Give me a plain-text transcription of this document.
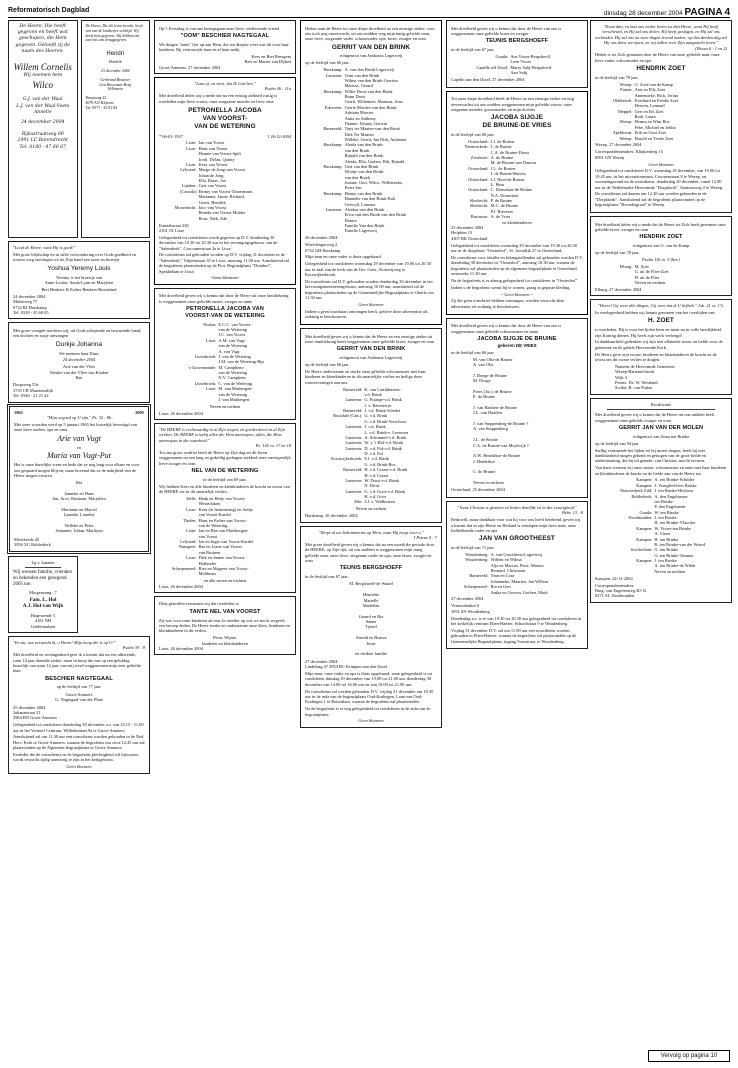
Reformatorisch Dagblad	dinsdag 28 december 2004 PAGINA 4
De Heere, Die heeft gegeven en heeft wat geschapen, die Hem gegeven. Geloofd zij de naam des Heeren.
Willem Cornelis
Wij noemen hem
Wilco
G.J. van der Waal
L.J. van der Waal-Voets
Annelie
24 december 2004
Rijksstraatweg 60
2991 LC Barendrecht
Tel. 0180 - 47 60 67
De Heere, Die dit leven bracht, heeft ons van de kindertjes verblijd. Wij heeft hem gegeven, Wij hebben om aan ons ons teruggegeven.
Hendri
Hendrik
23 december 2004
Gerbrand Brouwer
Gea Bouwman-Berg
Willemein
Dorpsweg 22
4079 AN Klijssen
Tel. 0577 - 43 01 84
"Looft de Heere, want Hij is goed!"
Met grote blijdschap en in stille verwondering over Gods goedheid en trouwe zorg ontvingen we uit Zijn hand een zoon en broertje
Yoshua Yeremy Louis
Yeremy is het broertje van
Anne-Louise, Sarah-Lynn en Marylene
Bert Beukers & Esther Beukers-Bosendaal
24 december 2004
Molenweg 77
6732 RJ Harskamp
Tel. 0318 - 45 60 05
Met grote vreugde mochten wij, uit Gods schepende en bewarende hand, een dochter en zusje ontvangen
Durkje Johanna
We noemen haar Dina.
24 december 2004
Arie van der Vlies
Nienke van der Vlies-van Keulen
Bas
Dorpsweg 55a
3735 CB Maartensdijk
Tel. 0346 - 21 21 42
1965	2005
"Mijn oog zal op U zijn." Ps. 32 : 8b
Met onze woorden werd op 5 januari 1965 het huwelijk bevestigd van onze lieve ouders, opa en oma
Arie van Vugt
en
Maria van Vugt-Put
Het is onze hartelijke wens en bede dat ze nog lang voor elkaar en voor ons gespaard mogen blijven, maar bovenal dat ze de nabijheid van de Heere mogen ervaren.
Ria

Janneke en Hans
Jan, Arco, Bastiaan, Marjolein

Marianne en Marcel
Laander, Lauréna

Nelleke en Peter
Annamie, Julian, Marilynn
Moerkeeds 45
3956 XC Bolderkerk
I.p.v. kaarten
Wij wensen familie, vrienden en bekenden een gezegend 2005 toe.
Morgenzang : 7
Fam. L. Hol
A.J. Hol-van Wijk
Hogewende 3
4181 NH
Geldermalsen
"En nu, wat verwacht ik, o Heere! Mijn hoop die is op U!"
Psalm 39 : 8
Met droefheid en verslagenheid geef ik u kennis dat na een afkerende, ruim 14 jaar durende ziekte, maar in hoop die een op een gelukkig huwelijk van ruim 14 jaar, van mij werd weggenomen mijn zeer geliefde man
BESCHIER NAGTEGAAL
op de leeftijd van 77 jaar.
Groot-Ammers
G. Nagtegaal-van der Plaat
25 december 2004
Julianastraat 31
2964 BN Groot-Ammers
Gelegenheid tot condoleren donderdag 30 december a.s. van 10.15 - 11.00 uur in het Vermeil Centrum, Wilhelminaei 8a te Groot-Ammers.
Aansluitend zal om 11.30 uur een rouwdienst worden gehouden in de Ned. Herv. Kerk te Groot-Ammers, waarna de begrafenis om circa 12.45 uur zal plaatsvinden op de Algemene begraafplaats te Groot-Ammers.
Eenieder die de rouwdienst en de begrafenis plechtigheid wil bijwonen, wordt verzocht tijdig aanwezig te zijn in het kerkgebouw.
Geen bloemen
Op 't Kerstdag is van ons heengegaan onze lieve, zeelievende vriend
"OOM" BESCHIER NAGTEGAAL
We dragen "tante" Ger op aan Hem, die ten diepste weet wat dit voor haar betekent. Bij vertrouwde haar en al haar naltij.
Kees en Riet Breugem
Bert en Marrie van Dijken
Groot-Ammers, 27 december 2004
"Laat af, en weet, dat Ik God ben."
Psalm 46 : 11a
Met droefheid delen wij u mede dat na een ernstig ziekbed rustig is overleden mijn lieve vrouw, onze zorgzame moeder en lieve oma
PETRONELLA JACOBA
VAN VOORST-
VAN DE WETERING
* 06-01-1937	† 26-12-2004
Lisse: Jan van Voorst
Lisse: Hans van Voorst
Hennie van Voorst-Spilt
Jordi, Dylan, Quinty
Lisse: Kees van Voorst
Lelystad: Margo de Jong-van Voorst
Johan de Jong
Ella, Klaas, Joe
Lijnden: Gert van Voorst
(Cassola) Emmy van Voorst-Tinnermans
Marianne, Janne, Richard,
Gerrit, Hendrik
Moordrecht: Jaco van Voorst
Brenda van Voorst-Mulder
Boas, Niek, Ede
Kanaalstraat 230
2161 JX Lisse
Gelegenheid tot condoleren wordt gegeven op D.V. donderdag 30 december van 19.30 tot 20.30 uur in het verenigingsgebouw van de "Salemkerk", Croccantestraat 2a te Lisse.
De rouwdienst zal gehouden worden op D.V. vrijdag 31 december in de "Salemkerk", Tulpenstraat 35 te Lisse, aanvang 11.00 uur. Aansluitend zal de begrafenis plaatsvinden op de Prot. Begraafplaats "Duinhof", Spekkelaan te Lisse.
-Geen bloemen-
Met droefheid geven wij u kennis dat door de Heere uit onze familiekring is weggenomen onze geliefde zuster, zwager en tante
PETRONELLA JACOBA VAN
VOORST-VAN DE WETERING
Tholen: E.C.C. van Voorst-
van de Wetering
J.C. van Voorst
Lisse: A.M. van Vugt-
van de Wetering
A. van Vugt
Lisserbroek: J. van de Wetering
J.M. van de Wetering-Rip
's-Gravenzande: M. Campbens-
van de Wetering
N.V. Campbens
Lisserbroek: C. van de Wetering
Lisse: M. van Masbergen-
van de Wetering
J. van Masbergen
Neven en nichten
Lisse, 26 december 2004
"De HEERE is rechtvaardig in al Zijn wegen, en goedertieren in al Zijn werken. De HEERE is nabij allen die Hem aanroepen, allen, die Hem aanroepen in der waarheid."
Ps. 145 vs. 17 en 18
Tot ons groot verdriet heeft de Heere op Zijn dag uit dit leven weggenomen na een lang en geduldig gedragen ziekbed onze onvergetelijk lieve zwager en oom
NEL VAN DE WETERING
in de leeftijd van 69 jaar.
Wij hebben Kees en alle kinderen en kleinkinderen de kracht en troost van de HEERE toe in dit smartelijk verlies.
Delft: Henk en Hetty van Voorst-
Westerlaken
Lisse: Kees (in herinnering) en Aaltje
van Voorst-Kardol
Tholen: Hans en Esther van Voorst-
van de Wetering
Lisse: Jan en Bea van Marsbergen-
van Voorst
Lelystad: Jan en Ingie van Voorst-Kardol
Nunspeet: Bas en Lonie van Voorst-
van Bruinen
Lisse: Dirk en Jannie van Voorst-
Hollander
Scherpenzeel: Ries en Magreet van Voorst-
Möhlman
en alle neven en nichten
Lisse, 26 december 2004
Diep getroffen vernamen wij dat overleden is
TANTE NEL VAN VOORST
Zij was voor onze kinderen als een 2e moeder op wie we nooit vergeefs een beroep deden. De Heere sterke en ondersteune onze Kees, kinderen en kleinkinderen in dit verlies.
Fleur, Wijnie,
kinderen en kleinkinderen
Lisse, 26 december 2004
Heden nam de Heere tot onze diepe droefheid na een ernstige ziekte, voor ons toch nog onverwacht, uit ons midden weg mijn innig geliefde man, onze lieve, zorgzame vader, schoonvader, opa, broer, zwager en oom
GERRIT VAN DEN BRINK
echtgenoot van Anthonia Lagerweij
op de leeftijd van 66 jaar.
Harskamp: A. van den Brink-Lagerweij
Lunteren: Teun van den Brink
Wilma van den Brink-Gerritse
Marissa, Gerard
Harskamp: Willie Drost-van den Brink
Bram Drost
Gerrit, Willemien, Marinus, Arno
Ederveen: Gerrie Mortier-van den Brink
Adriaan Morrier
Anita en Anthony,
Dianne, Johnny, Gerwin
Barneveld: Tony ter Maaten-van den Brink
Dirk Ter Maaten
Willeke, Gerrit, Jan Dirk, Anthonet
Harskamp: Aleida van den Brink-
van den Brink
Rijnald van den Brink
Aleida, Ella, Gerben, Rik, Rijnald
Harskamp: Gert van den Brink
Woutje van den Brink-
van den Broek
Joanne, Gert, Wilco, Willemieke,
Evert-Jan
Harskamp: Henny van den Brink
Hannelie van den Brink-Kok
Gerwyll, Laurens
Lunteren: Aleidus van den Brink
Erica van den Brink-van den Brink
Danice
Familie Van den Brink
Familie Lagerweij
26 december 2004
Wortelengerweg 2
6732 GH Harskamp
Mijn man en onze vader is thuis opgebaard.
Gelegenheid tot condoleren woensdag 29 december van 19.00 tot 20.30 uur in zaal van de kerk van de Ger. Gem., Kosterijweg te Kootwijkerbroek.
De rouwdienst zal D.V. gehouden worden donderdag 30 december in het hervormgemeenterengebouw, aanvang 10.00 uur, aansluitend zal de begrafenis plaatsvinden op de Gemeentelijke Begraafplaats te Otterlo om 11.30 uur.
Geen bloemen
Indien u geen rouwkaart ontvangen heeft, gelieve deze advertentie als zodanig te beschouwen.
Met droefheid geven wij u kennis dat de Heere na een ernstige ziekte uit onze familiekring heeft weggenomen onze geliefde broer, zwager en oom
GERRIT VAN DEN BRINK
echtgenoot van Anthonia Lagerweij
op de leeftijd van 66 jaar.
De Heere ondersteune en sterke onze geliefde schoonzuster met haar kinderen en kleinkinderen in dit smartelijke verlies en heilige deze rouwervaringen aan ons.
Barneveld: K. van Luttikhuizen-
v.d. Brink
Lunteren: G. Fraanje-v.d. Brink
J. v. Ravesteijn
Barneveld: J. v.d. Brink-Schalet
Rossdale (Can.): G. v.d. Brink
G. v.d. Brink-Verschoor
Lunteren: J. v.d. Brink
L. v.d. Brink-v. Leeuwen
Lunteren: A. Schimmel-v.d. Brink
Lunteren: W. v. 't Hol-v.d. Brink
Lunteren: D. v.d. Pol-v.d. Brink
D. v.d. Pol
Kootwijkerbroek: F.J. v.d. Brink
G. v.d. Brink-Bos
Barneveld: H. v.d. Craats-v.d. Brink
H. v.d. Craats
Lunteren: W. Drost-v.d. Brink
N. Drost
Lunteren: G. v.d. Goor-v.d. Brink
H. v.d. Goor
Ede: J.J. v. Veldhuizen
Neven en nichten
Harskamp, 26 december 2004
"Werpt al uw bekommernis op Hem, want Hij zorgt voor u."
I Petrus 5 : 7
Met grote droefheid geven wij u kennis dat na een moeilijke periode door de HEERE, op Zijn tijd, uit ons midden is weggenomen mijn innig geliefde man, onze lieve, zorgzame vader en opa, onze broer, zwager en oom
TEUNIS BERGSHOEFF
in de leeftijd van 67 jaar.
M. Bergshoeff-de Waard

Henriëtte
Martelle
Madelein

Gerard en Ria
Sanne
Tjeerd

Arnold en Bianca
Jesse

en verdere familie
27 december 2004
Lindelaag 47 2953 BC Krimpen aan den IJssel
Mijn man, onze vader en opa is thuis opgebaard, waar gelegenheid is tot condoleren dinsdag 29 december van 19.00 tot 21.00 uur, donderdag 30 december van 14.00 tot 16.00 uur en van 19.00 tot 21.00 uur.
De rouwdienst zal worden gehouden D.V. vrijdag 31 december om 10.30 uur in de aula van de begraafplaats Oud-Kralingen, Laan van Oud-Kralingen 1 te Rotterdam, waarna de begrafenis zal plaatsvinden.
Na de begrafenis is er nog gelegenheid tot condoleren in de aula van de begraafplaats.
Geen bloemen
Met droefheid geven wij u kennis dat door de Heere van ons is weggenomen onze geliefde broer en zwager
TEUNIS BERGSHOEFF
in de leeftijd van 67 jaar.
Gouda: Ans Visser-Bergshoeff
Leen Visser
Capelle a/d IJssel: Marry Salij-Bergshoeff
Aart Salij
Capelle aan den IJssel, 27 december 2004
Tot onze diepe droefheid heeft de Heere na een ernstige ziekte tot nog onverwachts uit ons midden weggenomen mijn geliefde vrouw, onze zorgzame moeder, grootmoeder en mijn dochter
JACOBA SIJGJE
DE BRUINE-DE VRIES
in de leeftijd van 66 jaar.
Oosterland: J.J. de Bruine
Nieuwerkerk: J. de Bruine
C.A. de Bruine-Doest
Zierikzee: A. de Bruine
M. de Bruine-van Duuren
Oosterland: J.L. de Bruine
J. de Bruine-Buitvis
Oosterland: J.J. Heut-de Bruine
L. Heut
Oosterland: C. Donselaar-de Bruine
N.A. Donselaar
Sliedrecht: P. de Bruine
Sliedrecht: M.C. de Bruine
P.J. Rieveras
Bruinisse: A. de Vries
en kleinkinderen
25 december 2004
Hofplein 13
4307 BK Oosterland
Gelegenheid tot condoleren woensdag 29 december van 19.30 tot 20.30 uur in de dorpshuis "Oosterhof", St. Joostdijk 27 te Oosterland.
De rouwdienst voor familie en belangstellenden zal gehouden worden D.V. donderdag 30 december in "Oosterhof", aanvang 10.30 uur, waarna de begrafenis zal plaatsvinden op de algemene begraafplaats te Oosterland, omstreeks 11.30 uur.
Na de begrafenis is er alsnog gelegenheid tot condoleren in "Oosterhof".
Indien u de begrafenis wenst bij te wonen, graag in gepaste kleding.
~ Geen bloemen ~
Zij die geen rouwbrief hebben ontvangen, worden verzocht deze advertentie als zodanig te beschouwen.
Met droefheid geven wij u kennis dat door de Heere van ons is weggenomen onze geliefde schoonzuster en tante
JACOBA SIJGJE DE BRUINE
geboren DE VRIES
in de leeftijd van 66 jaar.
M. van Olst-de Bruine
A. van Olst

J. Doege-de Bruine
M. Doege

Prees (Jac.) de Bruine
E. de Bruine

J. van Haaften-de Bruine
J.L. van Haaften

J. van Snippenberg-de Bruine †
A. van Snippenberg

J.L. de Bruine
C.A. de Bruine-van Muylwijk †

A.W. Hendrikse-de Bruine
J. Hendrikse

C. de Bruine

Neven en nichten
Oosterland, 25 december 2004
"Jezus Christus is gisteren en heden dezelfde en in der eeuwigheid."
Hebr. 13 : 8
Bedroefd, maar dankbaar voor wat hij voor ons heeft betekend, geven wij u kennis dat in zijn Heere en Heiland is ontslapen mijn lieve man, onze liefhebbende vader en opa
JAN VAN GROOTHEEST
in de leeftijd van 71 jaar.
Woudenberg: A. van Grootheest-Lagerweij
Woudenberg: Willem en Wilma
Alja en Marcus, Peter, Marnix
Bernard, Christiaan
Barneveld: Teun en Cora
Johanneke, Maarten, Jan Willem
Scherpenzeel: Ria en Gert
Anika en Gerwin, Gerben, Mark
27 december 2004
Vermeulenhof 6
3931 SN Woudenberg
Donderdag a.s. is er van 19.30 tot 20.30 uur gelegenheid tot condoleren in het kerkelijk centrum Eben-Haëzer, Schoolstraat 9 te Woudenberg.
Vrijdag 31 december D.V. zal om 11.00 uur een rouwdienst worden gehouden in Eben-Haëzer, waarna de begrafenis zal plaatsvinden op de Gemeentelijke Begraafplaats, ingang Voorstraat, te Woudenberg.
"Komt dan, en laat ons weder keren tot den Heere, want Hij heeft verscheurd, en Hij zal ons helen; Hij heeft geslagen, en Hij zal ons verbinden. Hij zal ons na twee dagen levend maken; op den derden dag zal Hij ons doen verrijzen, en wij zullen voor Zijn aangezicht leven."
(Hosea 6 : 1 en 2)
Heden is tot Zich genomen door de Heere van onze geliefde man, onze lieve vader, schoonvader en opa
HENDRIK ZOET
in de leeftijd van 78 jaar.
Wezep: G. Zoet-van de Kamp
Putten: Aart en Elly Zoet
Annemieke, Rick, Jerina
Oldebroek: Everhard en Femke Zoet
Herwin, Lennard
Meppel: Gert en Els Zoet
Rudi, Laura
Wezep: Herma en Wim Bos
Febe, Michiel en Jeltha
Apeldoorn: Erik en Gera Zoet
Wezep: Harold en Yvette Zoet
Wezep, 27 december 2004
Correspondentieadres: Klinkenberg 15
8091 GN Wezep
Geen bloemen
Gelegenheid tot condoleren D.V. woensdag 29 december, van 19.00 tot 19.45 uur, in het uitvaartcentrum, Croonenstraat 8 te Wezep, en woensdagavond na de rouwdienst, donderdag 30 december, vanaf 12.00 uur in de Nederlandse Hervormde "Dorpskerk", Stationsweg 2 te Wezep.
De rouwdienst zal daarna om 12.30 uur worden gehouden in de "Dorpskerk". Aansluitend zal de begrafenis plaatsvinden op de begraafplaats "Boverbegraaf" te Wezep.
Met droefheid delen wij u mede dat de Heere tot Zich heeft genomen onze geliefde broer, zwager en oom
HENDRIK ZOET
echtgenoot van G. van de Kamp
op de leeftijd van 78 jaar.
Psalm 116 vs. 9 (her.)
Elburg: M. Zoet
G. uit de Flier-Zoet
H. uit de Flier
Neven en nichten
Elburg, 27 december 2004
"Heere! Gij weet alle dingen, Gij weet dat ik U liefheb." Joh. 21 vs. 17c
In verslagenheid hebben wij kennis genomen van het overlijden van
H. ZOET
is overleden. Hij is voor het ljiden heen en maar nu in volle heerlijkheid zijn Koning dienen. Hij heeft zijn werk verbergd!
In dankbaarheid gedenken wij zijn niet aflatende trouw en liefde voor de gemeente en de gehele Hervormde Kerk.
De Heere geve zijn vrouw, kinderen en kleinkinderen de kracht en de troost om dit zware verlies te dragen.
Namens de Hervormde Gemeente
Wezep-Hattemerbroek
Wijk 3
Preses: Ds. W. Westland
Scriba: B. van Putten
Rectificatie
Met droefheid geven wij u kennis dat de Heere uit ons midden heeft weggenomen onze geliefde zwager en oom
GERRIT JAN VAN DER MOLEN
echtgenoot van Anna ten Brinke
op de leeftijd van 94 jaar.
Stellig vermaande het lijden tot hij moest dragen, heeft hij met dankbaarheid mogen gekend en getuigen van de grote liefde en ondersteuning, die hij uit genade, van Christus, mocht ervaren.
Van harte wensen wij onze zuster, schoonzuster en tante met haar kinderen en kleinkinderen de kracht en de liefde aan van de Heere toe.
Kampen: A. ten Brinke-Schilder
Kampen: J. Verngfield-ten Brinke
Nieuwerkerk Zild: J. ten Brinke-Heybeur
Ridderkerk: A. den Engelsman-
ten Brinke
P. den Engelsman
Gouda: W. ten Brinke
IJsselmuiden: J. ten Brinke
H. ten Brinke-Vlascher
Kampen: W. Visser-ten Brinke
A. Visser
Kampen: H. ten Brinke
R. ten Brinke-van der Woerd
Swifterbant: G. ten Brinke
G. ten Brinke-Timmer
Kampen: J. ten Brinke
A. ten Brinke-de Wilde
Neven en nichten
Kampen: 24-12-2004
Correspondentieadres:
Burg. van Engelenweg 40-12
8271 AL IJsselmuiden
Vervolg op pagina 10
